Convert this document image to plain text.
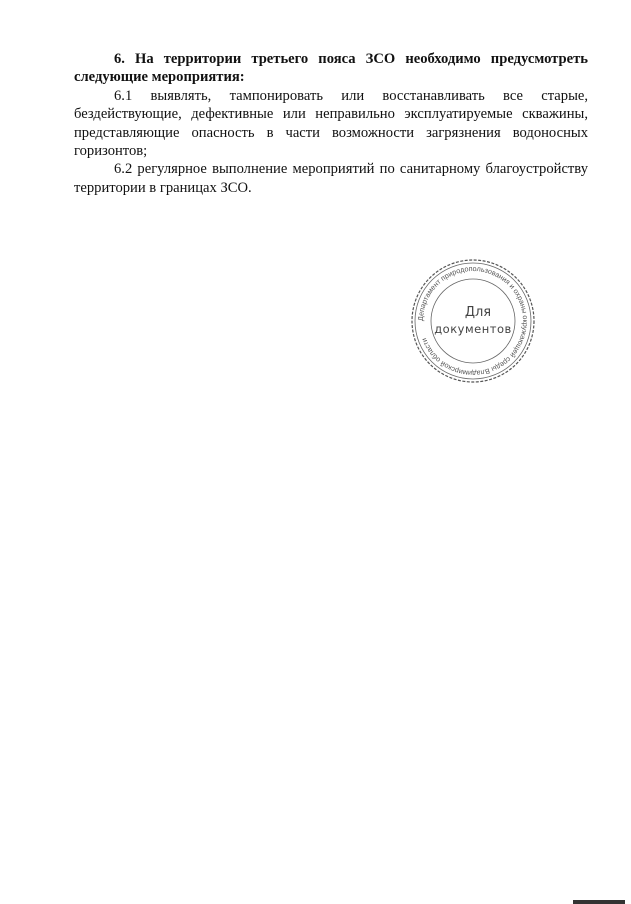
6. На территории третьего пояса ЗСО необходимо предусмотреть следующие мероприятия:

6.1 выявлять, тампонировать или восстанавливать все старые, бездействующие, дефективные или неправильно эксплуатируемые скважины, представляющие опасность в части возможности загрязнения водоносных горизонтов;

6.2 регулярное выполнение мероприятий по санитарному благоустройству территории в границах ЗСО.

Департамент природопользования и охраны окружающей среды Владимирской области
Для
документов
